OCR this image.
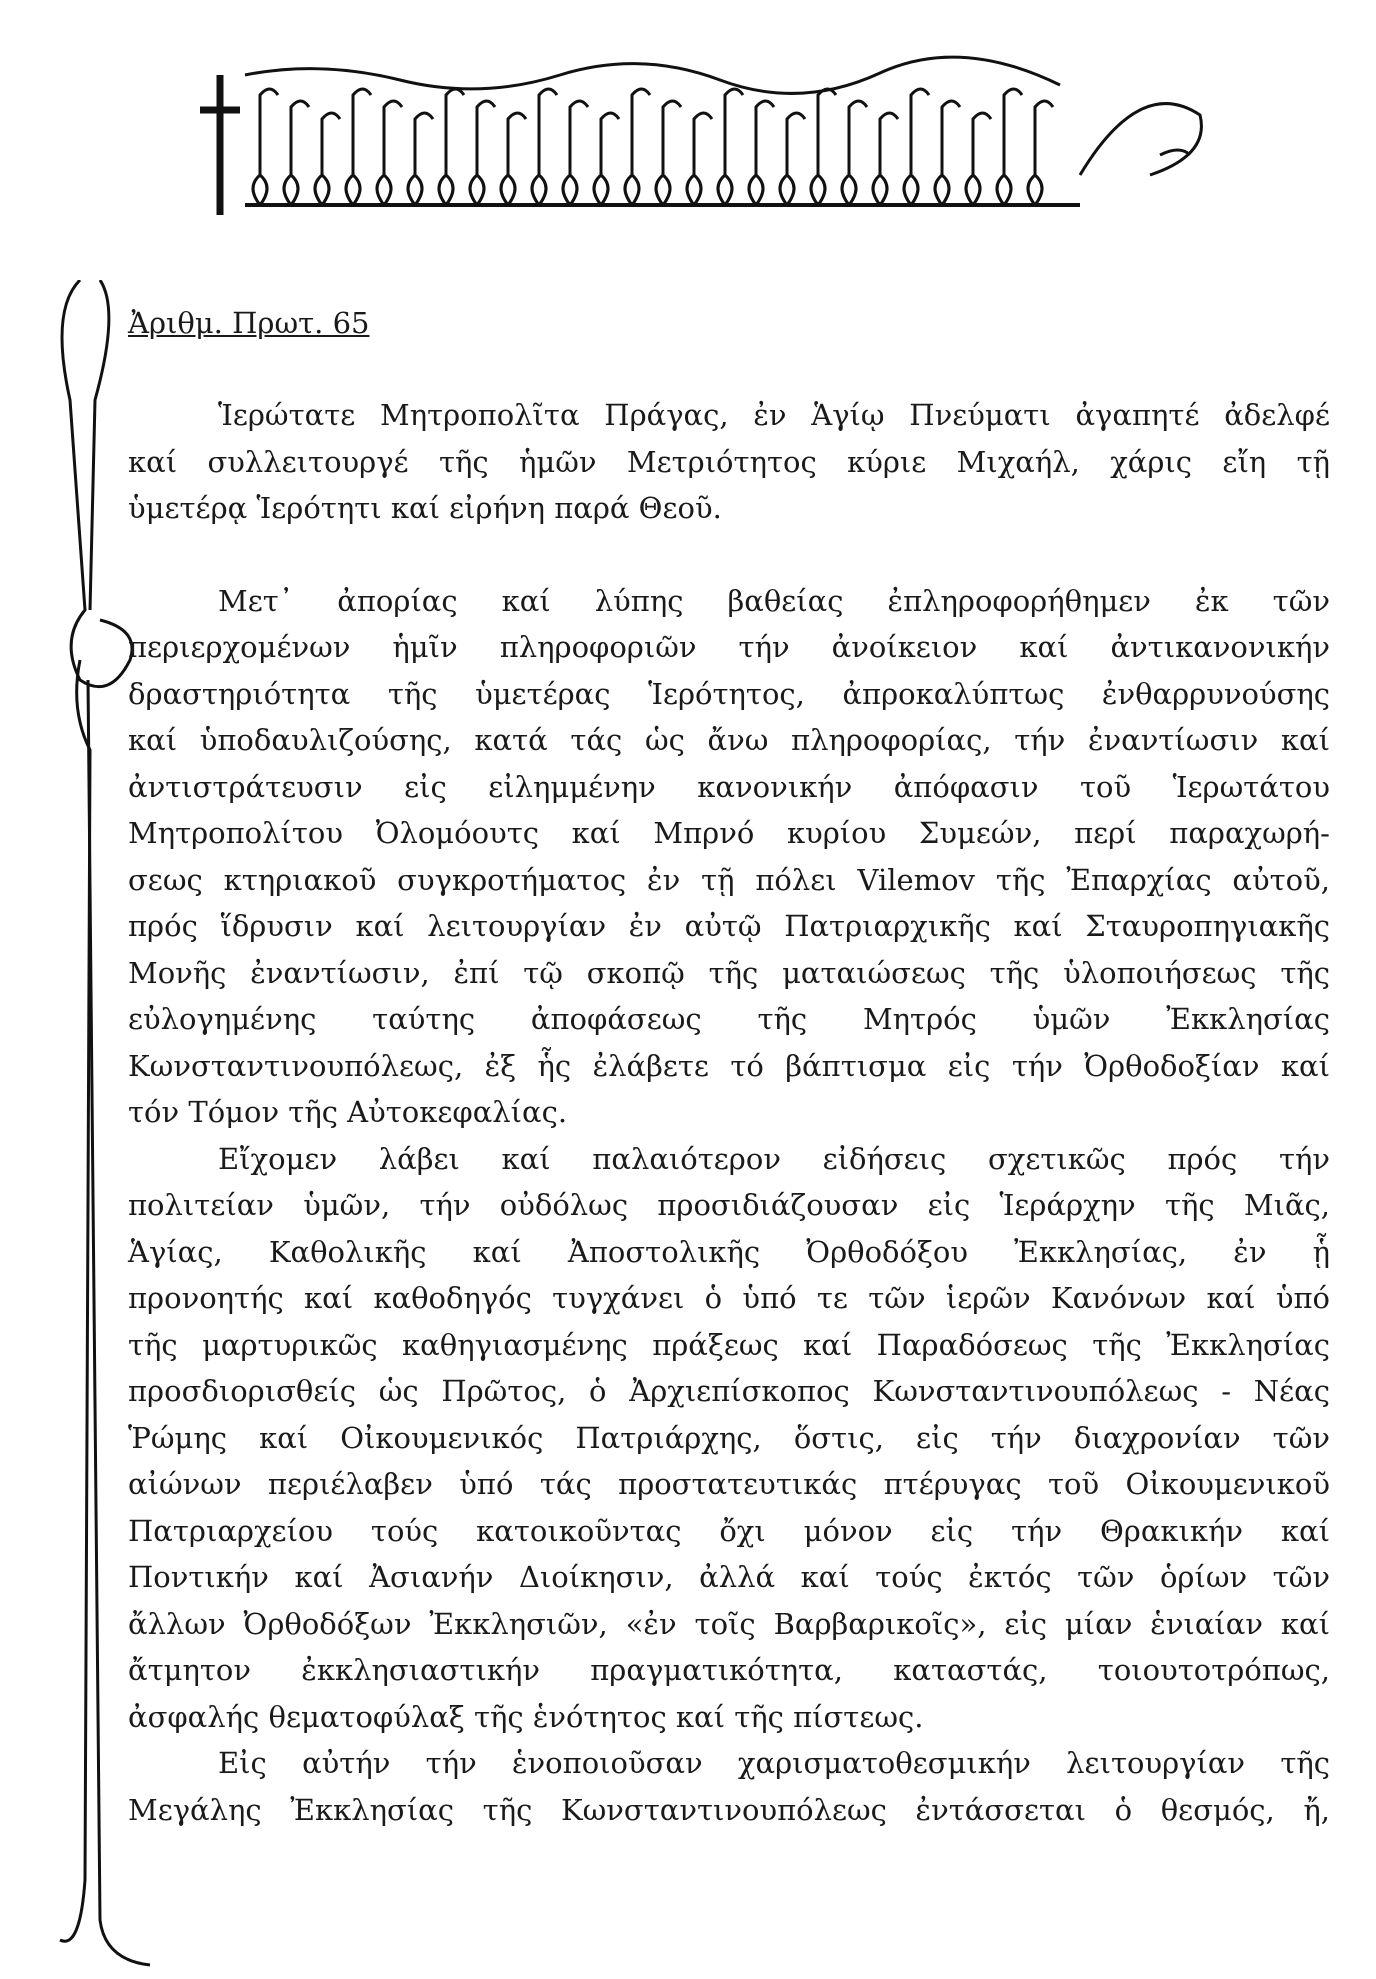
Ἀριθμ. Πρωτ. 65
Ἱερώτατε Μητροπολῖτα Πράγας, ἐν Ἁγίῳ Πνεύματι ἀγαπητέ ἀδελφέ
καί συλλειτουργέ τῆς ἡμῶν Μετριότητος κύριε Μιχαήλ, χάρις εἴη τῇ
ὑμετέρᾳ Ἱερότητι καί εἰρήνη παρά Θεοῦ.
Μετ᾽ ἀπορίας καί λύπης βαθείας ἐπληροφορήθημεν ἐκ τῶν
περιερχομένων ἡμῖν πληροφοριῶν τήν ἀνοίκειον καί ἀντικανονικήν
δραστηριότητα τῆς ὑμετέρας Ἱερότητος, ἀπροκαλύπτως ἐνθαρρυνούσης
καί ὑποδαυλιζούσης, κατά τάς ὡς ἄνω πληροφορίας, τήν ἐναντίωσιν καί
ἀντιστράτευσιν εἰς εἰλημμένην κανονικήν ἀπόφασιν τοῦ Ἱερωτάτου
Μητροπολίτου Ὀλομόουτς καί Μπρνό κυρίου Συμεών, περί παραχωρή-
σεως κτηριακοῦ συγκροτήματος ἐν τῇ πόλει Vilemov τῆς Ἐπαρχίας αὐτοῦ,
πρός ἵδρυσιν καί λειτουργίαν ἐν αὐτῷ Πατριαρχικῆς καί Σταυροπηγιακῆς
Μονῆς ἐναντίωσιν, ἐπί τῷ σκοπῷ τῆς ματαιώσεως τῆς ὑλοποιήσεως τῆς
εὐλογημένης ταύτης ἀποφάσεως τῆς Μητρός ὑμῶν Ἐκκλησίας
Κωνσταντινουπόλεως, ἐξ ἧς ἐλάβετε τό βάπτισμα εἰς τήν Ὀρθοδοξίαν καί
τόν Τόμον τῆς Αὐτοκεφαλίας.
Εἴχομεν λάβει καί παλαιότερον εἰδήσεις σχετικῶς πρός τήν
πολιτείαν ὑμῶν, τήν οὐδόλως προσιδιάζουσαν εἰς Ἱεράρχην τῆς Μιᾶς,
Ἁγίας, Καθολικῆς καί Ἀποστολικῆς Ὀρθοδόξου Ἐκκλησίας, ἐν ᾗ
προνοητής καί καθοδηγός τυγχάνει ὁ ὑπό τε τῶν ἱερῶν Κανόνων καί ὑπό
τῆς μαρτυρικῶς καθηγιασμένης πράξεως καί Παραδόσεως τῆς Ἐκκλησίας
προσδιορισθείς ὡς Πρῶτος, ὁ Ἀρχιεπίσκοπος Κωνσταντινουπόλεως - Νέας
Ῥώμης καί Οἰκουμενικός Πατριάρχης, ὅστις, εἰς τήν διαχρονίαν τῶν
αἰώνων περιέλαβεν ὑπό τάς προστατευτικάς πτέρυγας τοῦ Οἰκουμενικοῦ
Πατριαρχείου τούς κατοικοῦντας ὄχι μόνον εἰς τήν Θρακικήν καί
Ποντικήν καί Ἀσιανήν Διοίκησιν, ἀλλά καί τούς ἐκτός τῶν ὁρίων τῶν
ἄλλων Ὀρθοδόξων Ἐκκλησιῶν, «ἐν τοῖς Βαρβαρικοῖς», εἰς μίαν ἑνιαίαν καί
ἄτμητον ἐκκλησιαστικήν πραγματικότητα, καταστάς, τοιουτοτρόπως,
ἀσφαλής θεματοφύλαξ τῆς ἑνότητος καί τῆς πίστεως.
Εἰς αὐτήν τήν ἑνοποιοῦσαν χαρισματοθεσμικήν λειτουργίαν τῆς
Μεγάλης Ἐκκλησίας τῆς Κωνσταντινουπόλεως ἐντάσσεται ὁ θεσμός, ἤ,
